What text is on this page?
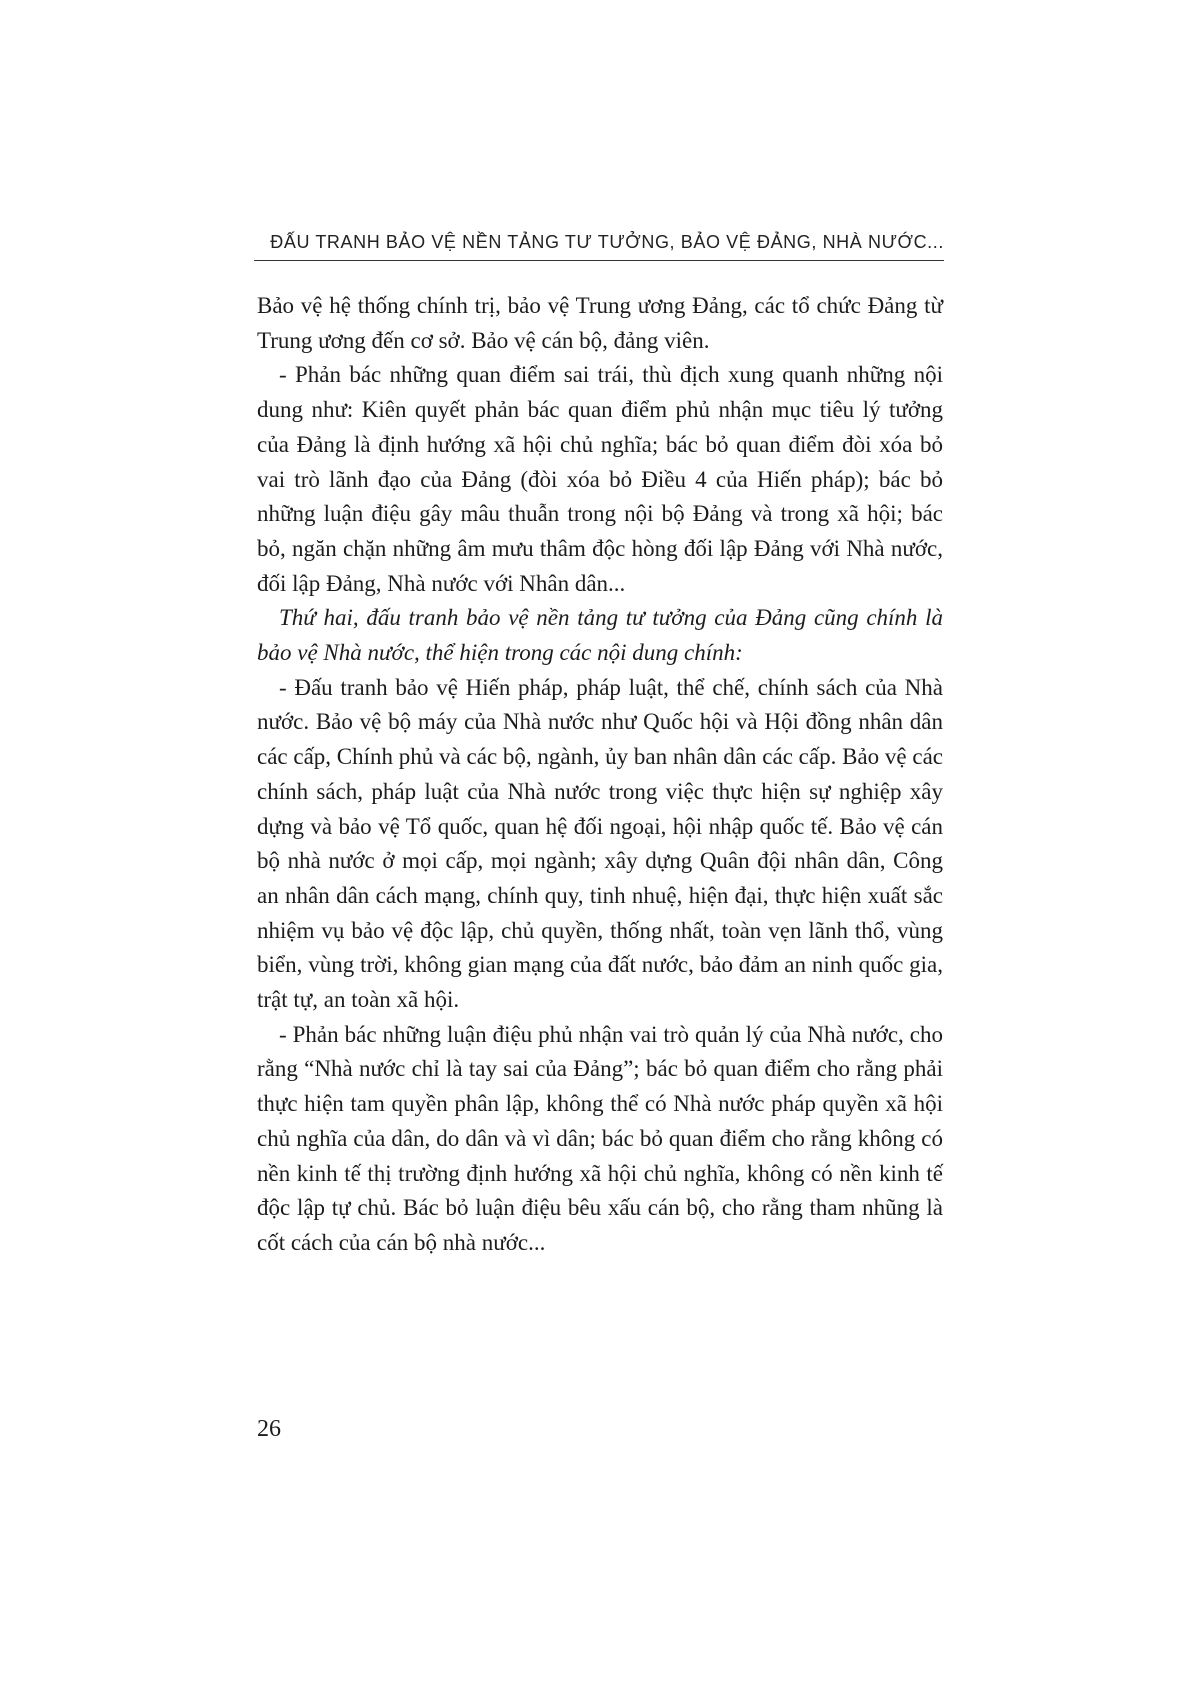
ĐẤU TRANH BẢO VỆ NỀN TẢNG TƯ TƯỞNG, BẢO VỆ ĐẢNG, NHÀ NƯỚC...

Bảo vệ hệ thống chính trị, bảo vệ Trung ương Đảng, các tổ chức Đảng từ Trung ương đến cơ sở. Bảo vệ cán bộ, đảng viên.

- Phản bác những quan điểm sai trái, thù địch xung quanh những nội dung như: Kiên quyết phản bác quan điểm phủ nhận mục tiêu lý tưởng của Đảng là định hướng xã hội chủ nghĩa; bác bỏ quan điểm đòi xóa bỏ vai trò lãnh đạo của Đảng (đòi xóa bỏ Điều 4 của Hiến pháp); bác bỏ những luận điệu gây mâu thuẫn trong nội bộ Đảng và trong xã hội; bác bỏ, ngăn chặn những âm mưu thâm độc hòng đối lập Đảng với Nhà nước, đối lập Đảng, Nhà nước với Nhân dân...

Thứ hai, đấu tranh bảo vệ nền tảng tư tưởng của Đảng cũng chính là bảo vệ Nhà nước, thể hiện trong các nội dung chính:

- Đấu tranh bảo vệ Hiến pháp, pháp luật, thể chế, chính sách của Nhà nước. Bảo vệ bộ máy của Nhà nước như Quốc hội và Hội đồng nhân dân các cấp, Chính phủ và các bộ, ngành, ủy ban nhân dân các cấp. Bảo vệ các chính sách, pháp luật của Nhà nước trong việc thực hiện sự nghiệp xây dựng và bảo vệ Tổ quốc, quan hệ đối ngoại, hội nhập quốc tế. Bảo vệ cán bộ nhà nước ở mọi cấp, mọi ngành; xây dựng Quân đội nhân dân, Công an nhân dân cách mạng, chính quy, tinh nhuệ, hiện đại, thực hiện xuất sắc nhiệm vụ bảo vệ độc lập, chủ quyền, thống nhất, toàn vẹn lãnh thổ, vùng biển, vùng trời, không gian mạng của đất nước, bảo đảm an ninh quốc gia, trật tự, an toàn xã hội.

- Phản bác những luận điệu phủ nhận vai trò quản lý của Nhà nước, cho rằng “Nhà nước chỉ là tay sai của Đảng”; bác bỏ quan điểm cho rằng phải thực hiện tam quyền phân lập, không thể có Nhà nước pháp quyền xã hội chủ nghĩa của dân, do dân và vì dân; bác bỏ quan điểm cho rằng không có nền kinh tế thị trường định hướng xã hội chủ nghĩa, không có nền kinh tế độc lập tự chủ. Bác bỏ luận điệu bêu xấu cán bộ, cho rằng tham nhũng là cốt cách của cán bộ nhà nước...

26
